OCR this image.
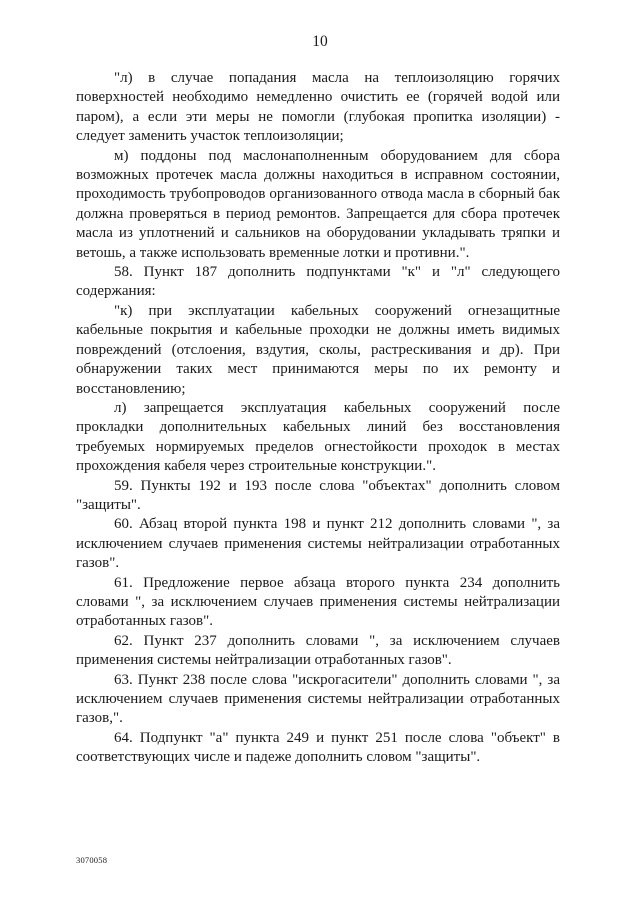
10

"л) в случае попадания масла на теплоизоляцию горячих поверхностей необходимо немедленно очистить ее (горячей водой или паром), а если эти меры не помогли (глубокая пропитка изоляции) - следует заменить участок теплоизоляции;

м) поддоны под маслонаполненным оборудованием для сбора возможных протечек масла должны находиться в исправном состоянии, проходимость трубопроводов организованного отвода масла в сборный бак должна проверяться в период ремонтов. Запрещается для сбора протечек масла из уплотнений и сальников на оборудовании укладывать тряпки и ветошь, а также использовать временные лотки и противни.".

58. Пункт 187 дополнить подпунктами "к" и "л" следующего содержания:

"к) при эксплуатации кабельных сооружений огнезащитные кабельные покрытия и кабельные проходки не должны иметь видимых повреждений (отслоения, вздутия, сколы, растрескивания и др). При обнаружении таких мест принимаются меры по их ремонту и восстановлению;

л) запрещается эксплуатация кабельных сооружений после прокладки дополнительных кабельных линий без восстановления требуемых нормируемых пределов огнестойкости проходок в местах прохождения кабеля через строительные конструкции.".

59. Пункты 192 и 193 после слова "объектах" дополнить словом "защиты".

60. Абзац второй пункта 198 и пункт 212 дополнить словами ", за исключением случаев применения системы нейтрализации отработанных газов".

61. Предложение первое абзаца второго пункта 234 дополнить словами ", за исключением случаев применения системы нейтрализации отработанных газов".

62. Пункт 237 дополнить словами ", за исключением случаев применения системы нейтрализации отработанных газов".

63. Пункт 238 после слова "искрогасители" дополнить словами ", за исключением случаев применения системы нейтрализации отработанных газов,".

64. Подпункт "а" пункта 249 и пункт 251 после слова "объект" в соответствующих числе и падеже дополнить словом "защиты".

3070058
